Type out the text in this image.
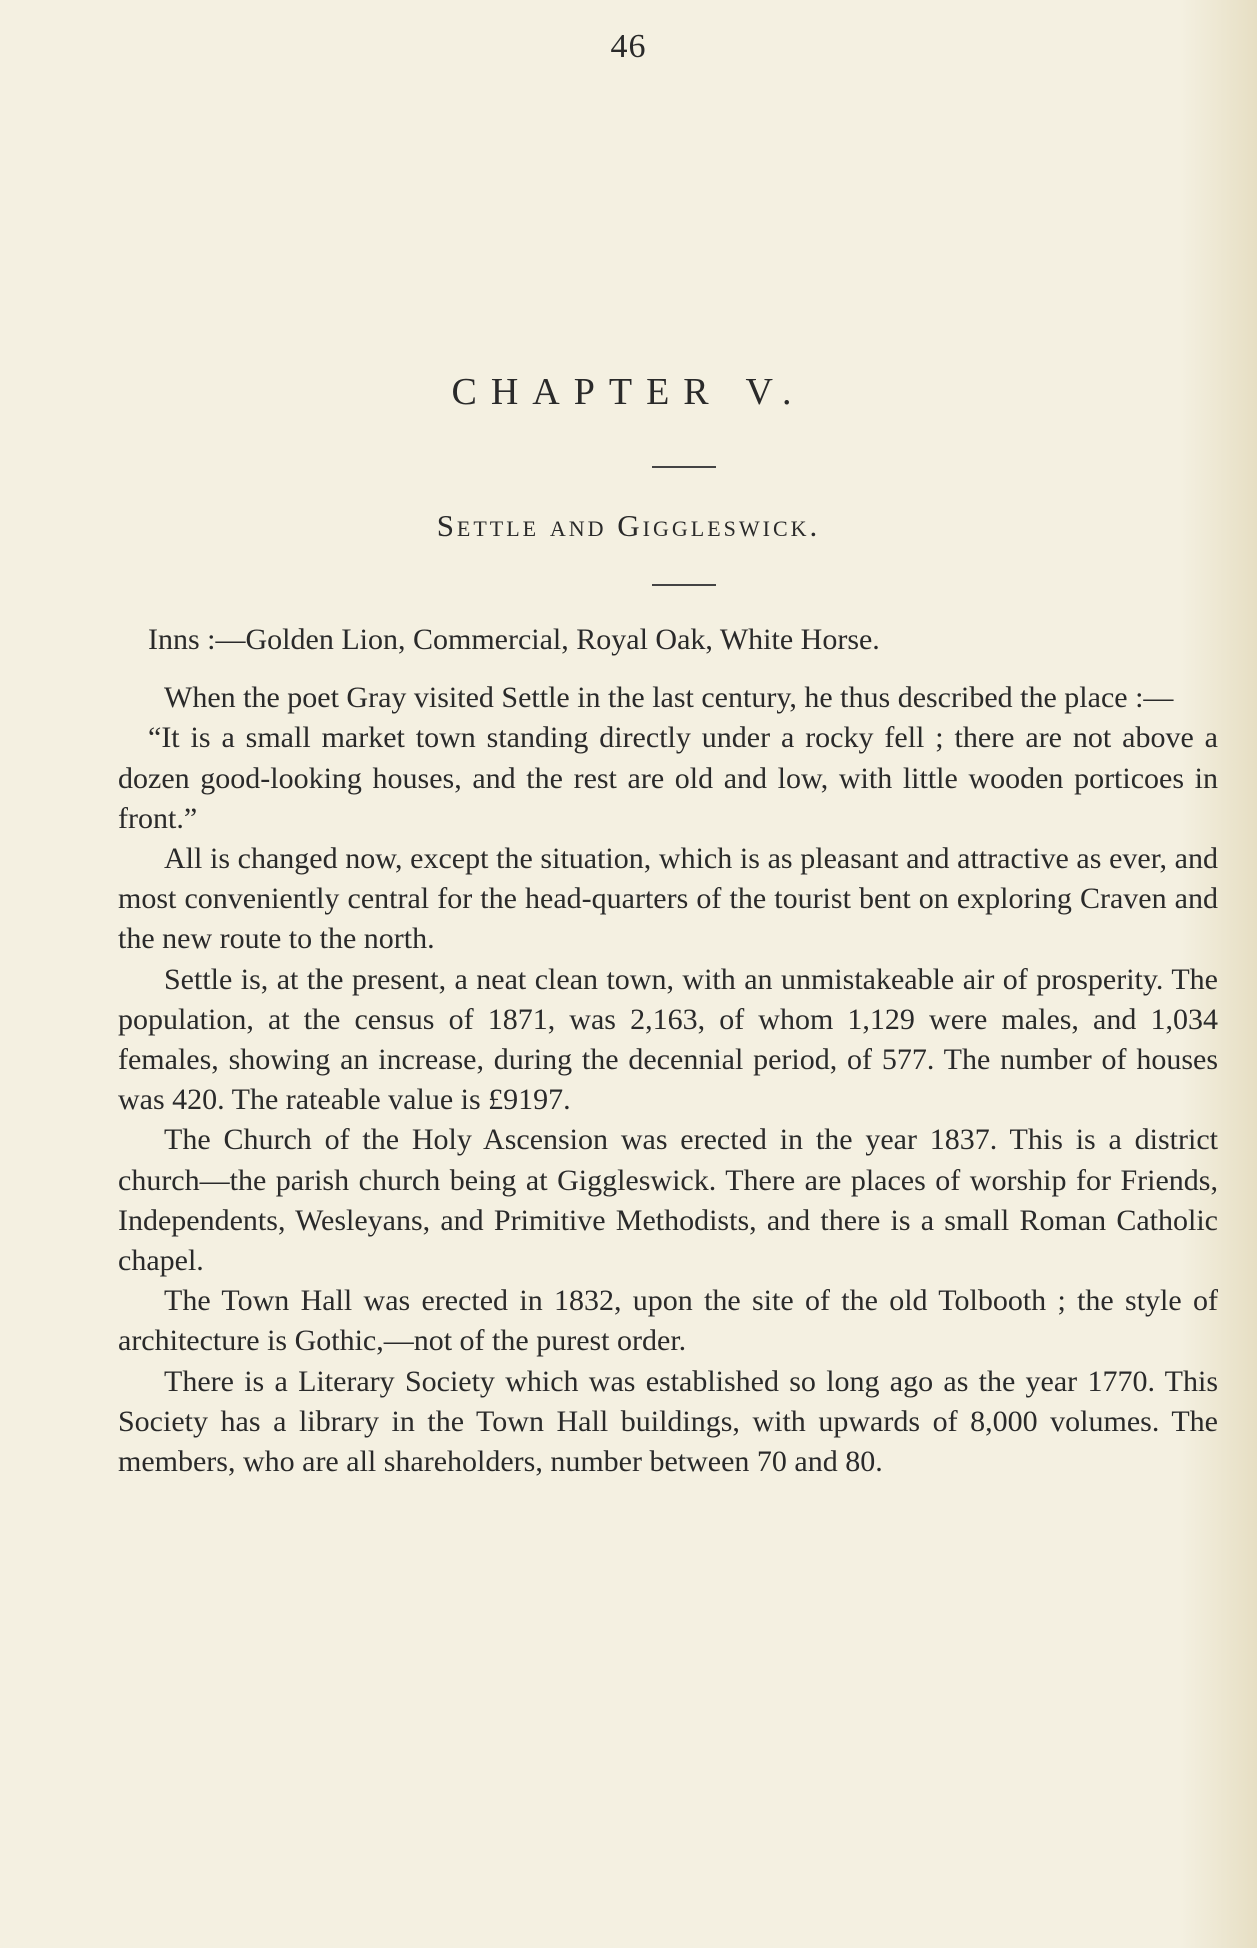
46
CHAPTER V.
Settle and Giggleswick.

Inns :—Golden Lion, Commercial, Royal Oak, White Horse.

When the poet Gray visited Settle in the last century, he thus described the place :—

“It is a small market town standing directly under a rocky fell ; there are not above a dozen good-looking houses, and the rest are old and low, with little wooden porticoes in front.”

All is changed now, except the situation, which is as pleasant and attractive as ever, and most conveniently central for the head-quarters of the tourist bent on exploring Craven and the new route to the north.

Settle is, at the present, a neat clean town, with an unmistakeable air of prosperity. The population, at the census of 1871, was 2,163, of whom 1,129 were males, and 1,034 females, showing an increase, during the decennial period, of 577. The number of houses was 420. The rateable value is £9197.

The Church of the Holy Ascension was erected in the year 1837. This is a district church—the parish church being at Giggleswick. There are places of worship for Friends, Independents, Wesleyans, and Primitive Methodists, and there is a small Roman Catholic chapel.

The Town Hall was erected in 1832, upon the site of the old Tolbooth ; the style of architecture is Gothic,—not of the purest order.

There is a Literary Society which was established so long ago as the year 1770. This Society has a library in the Town Hall buildings, with upwards of 8,000 volumes. The members, who are all shareholders, number between 70 and 80.
